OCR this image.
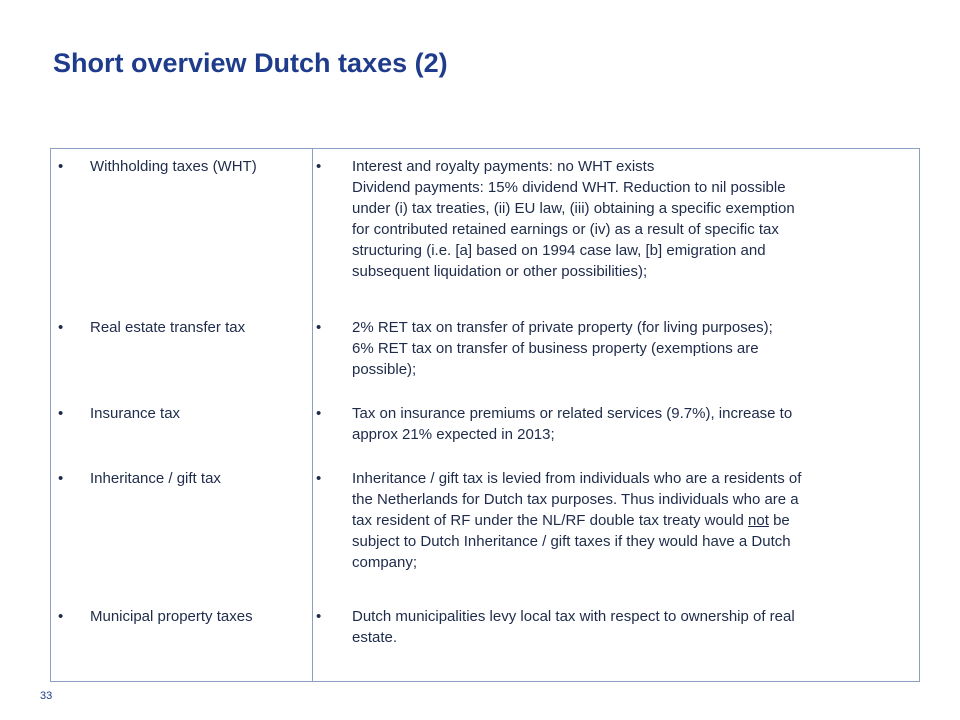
Short overview Dutch taxes (2)
•	Withholding taxes (WHT)	•	Interest and royalty payments: no WHT exists
Dividend payments: 15% dividend WHT. Reduction to nil possible
under (i) tax treaties, (ii) EU law, (iii) obtaining a specific exemption
for contributed retained earnings or (iv) as a result of specific tax
structuring (i.e. [a] based on 1994 case law, [b] emigration and
subsequent liquidation or other possibilities);
•	Real estate transfer tax	•	2% RET tax on transfer of private property (for living purposes);
6% RET tax on transfer of business property (exemptions are
possible);
•	Insurance tax	•	Tax on insurance premiums or related services (9.7%), increase to
approx 21% expected in 2013;
•	Inheritance / gift tax	•	Inheritance / gift tax is levied from individuals who are a residents of
the Netherlands for Dutch tax purposes. Thus individuals who are a
tax resident of RF under the NL/RF double tax treaty would not be
subject to Dutch Inheritance / gift taxes if they would have a Dutch
company;
•	Municipal property taxes	•	Dutch municipalities levy local tax with respect to ownership of real
estate.
33
